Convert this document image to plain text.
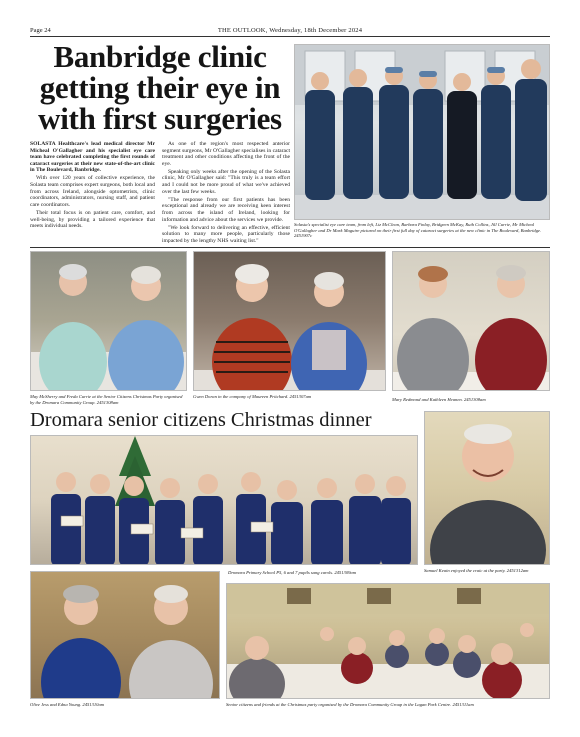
Page 24	THE OUTLOOK, Wednesday, 18th December 2024
Banbridge clinic
getting their eye in
with first surgeries

SOLASTA Healthcare's lead medical director Mr Micheal O'Gallagher and his specialist eye care team have celebrated completing the first rounds of cataract surgeries at their new state-of-the-art clinic in The Boulevard, Banbridge.

With over 120 years of collective experience, the Solasta team comprises expert surgeons, both local and from across Ireland, alongside optometrists, clinic coordinators, administrators, nursing staff, and patient care coordinators.

Their total focus is on patient care, comfort, and well-being, by providing a tailored experience that meets individual needs.

As one of the region's most respected anterior segment surgeons, Mr O'Gallagher specialises in cataract treatment and other conditions affecting the front of the eye.

Speaking only weeks after the opening of the Solasta clinic, Mr O'Gallagher said: "This truly is a team effort and I could not be more proud of what we've achieved over the last few weeks.

"The response from our first patients has been exceptional and already we are receiving keen interest from across the island of Ireland, looking for information and advice about the services we provide.

"We look forward to delivering an effective, efficient solution to many more people, particularly those impacted by the lengthy NHS waiting list."

Solasta's specialist eye care team, from left, Liz McClean, Barbara Finlay, Bridgeen McKay, Ruth Collins, Jill Currie, Mr Micheal O'Gallagher and Dr Mark Maguire pictured on their first full day of cataract surgeries at the new clinic in The Boulevard, Banbridge. 2451907c
May McSherry and Freda Currie at the Senior Citizens Christmas Party organised by the Dromara Community Group. 2451308am
Gwen Doran in the company of Maureen Pritchard. 2451307am
Mary Redmond and Kathleen Heanen. 2451308am
Dromara senior citizens Christmas dinner
Dromara Primary School P5, 6 and 7 pupils sang carols. 2451309am	Samuel Keain enjoyed the craic at the party. 2451312am
Olive Jess and Edna Young. 2451310am	Senior citizens and friends at the Christmas party organised by the Dromara Community Group in the Lagan Park Centre. 2451311am
